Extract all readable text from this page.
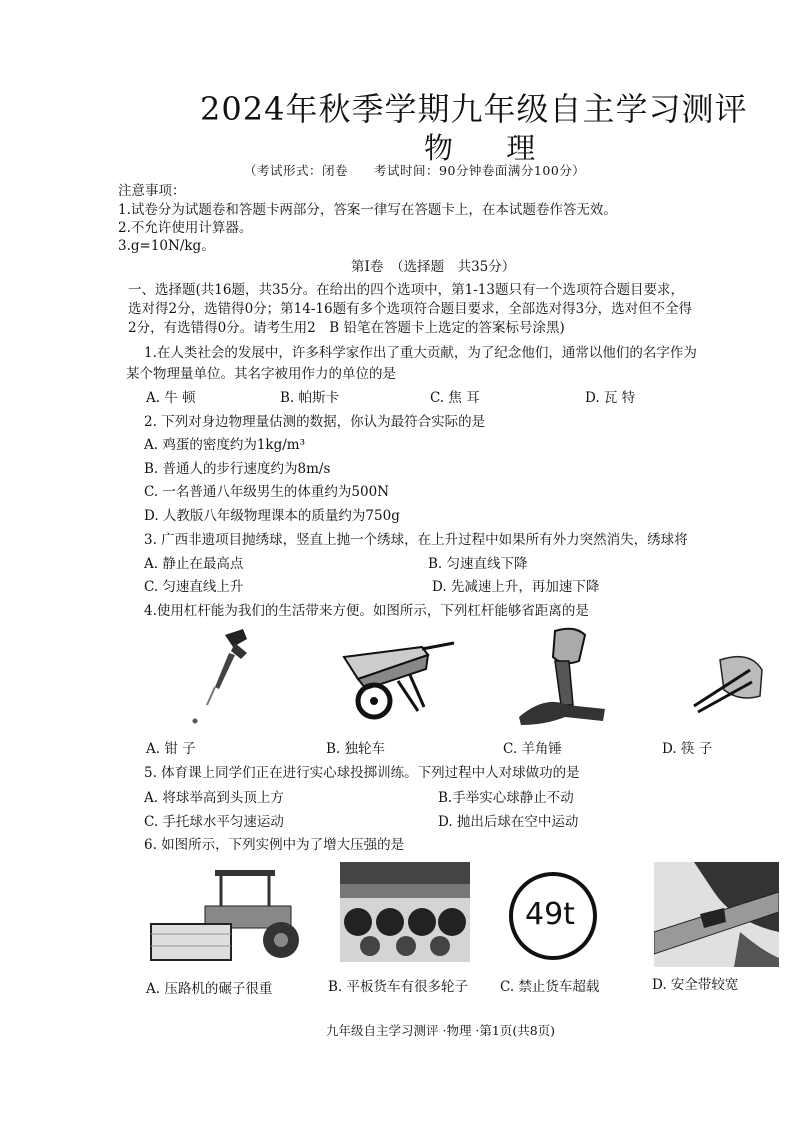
2024年秋季学期九年级自主学习测评
物 理
（考试形式：闭卷　　考试时间：90分钟卷面满分100分）
注意事项：
1.试卷分为试题卷和答题卡两部分，答案一律写在答题卡上，在本试题卷作答无效。
2.不允许使用计算器。
3.g=10N/kg。
第Ⅰ卷　（选择题　共35分）
一、选择题(共16题，共35分。在给出的四个选项中，第1-13题只有一个选项符合题目要求，
选对得2分，选错得0分；第14-16题有多个选项符合题目要求，全部选对得3分，选对但不全得
2分，有选错得0分。请考生用2　B 铅笔在答题卡上选定的答案标号涂黑)
1.在人类社会的发展中，许多科学家作出了重大贡献，为了纪念他们，通常以他们的名字作为
某个物理量单位。其名字被用作力的单位的是
A. 牛 顿	B. 帕斯卡	C. 焦 耳	D. 瓦 特
2. 下列对身边物理量估测的数据，你认为最符合实际的是
A. 鸡蛋的密度约为1kg/m³
B. 普通人的步行速度约为8m/s
C. 一名普通八年级男生的体重约为500N
D. 人教版八年级物理课本的质量约为750g
3. 广西非遗项目抛绣球，竖直上抛一个绣球，在上升过程中如果所有外力突然消失，绣球将
A. 静止在最高点	B. 匀速直线下降
C. 匀速直线上升	D. 先减速上升，再加速下降
4.使用杠杆能为我们的生活带来方便。如图所示，下列杠杆能够省距离的是
A. 钳 子	B. 独轮车	C. 羊角锤	D. 筷 子
5. 体育课上同学们正在进行实心球投掷训练。下列过程中人对球做功的是
A. 将球举高到头顶上方	B.手举实心球静止不动
C. 手托球水平匀速运动	D. 抛出后球在空中运动
6. 如图所示，下列实例中为了增大压强的是
49t
A. 压路机的碾子很重	B. 平板货车有很多轮子 C. 禁止货车超载	D. 安全带较宽
九年级自主学习测评 ·物理 ·第1页(共8页)
